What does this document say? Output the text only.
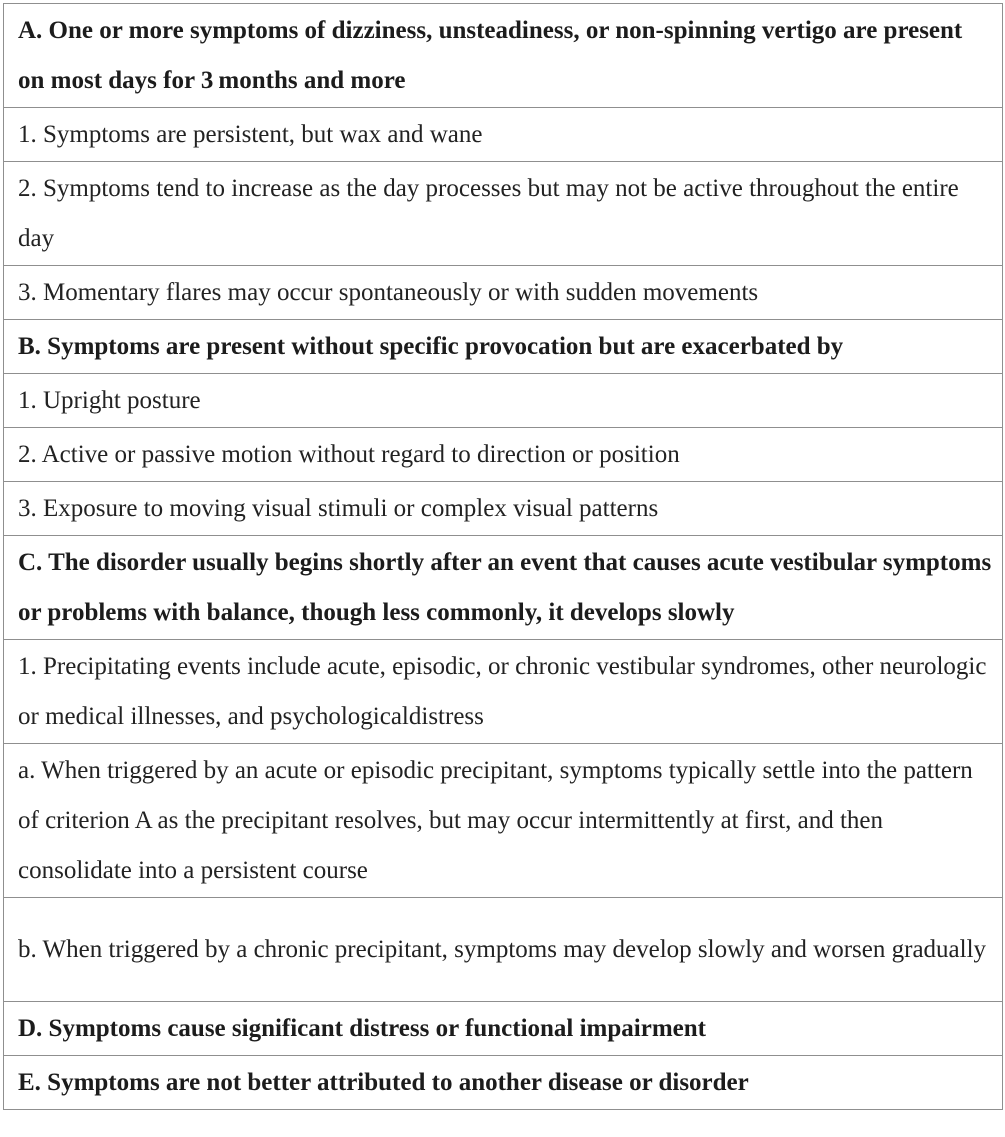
A. One or more symptoms of dizziness, unsteadiness, or non-spinning vertigo are present on most days for 3 months and more
1. Symptoms are persistent, but wax and wane
2. Symptoms tend to increase as the day processes but may not be active throughout the entire day
3. Momentary flares may occur spontaneously or with sudden movements
B. Symptoms are present without specific provocation but are exacerbated by
1. Upright posture
2. Active or passive motion without regard to direction or position
3. Exposure to moving visual stimuli or complex visual patterns
C. The disorder usually begins shortly after an event that causes acute vestibular symptoms or problems with balance, though less commonly, it develops slowly
1. Precipitating events include acute, episodic, or chronic vestibular syndromes, other neurologic or medical illnesses, and psychologicaldistress
a. When triggered by an acute or episodic precipitant, symptoms typically settle into the pattern of criterion A as the precipitant resolves, but may occur intermittently at first, and then consolidate into a persistent course
b. When triggered by a chronic precipitant, symptoms may develop slowly and worsen gradually
D. Symptoms cause significant distress or functional impairment
E. Symptoms are not better attributed to another disease or disorder
